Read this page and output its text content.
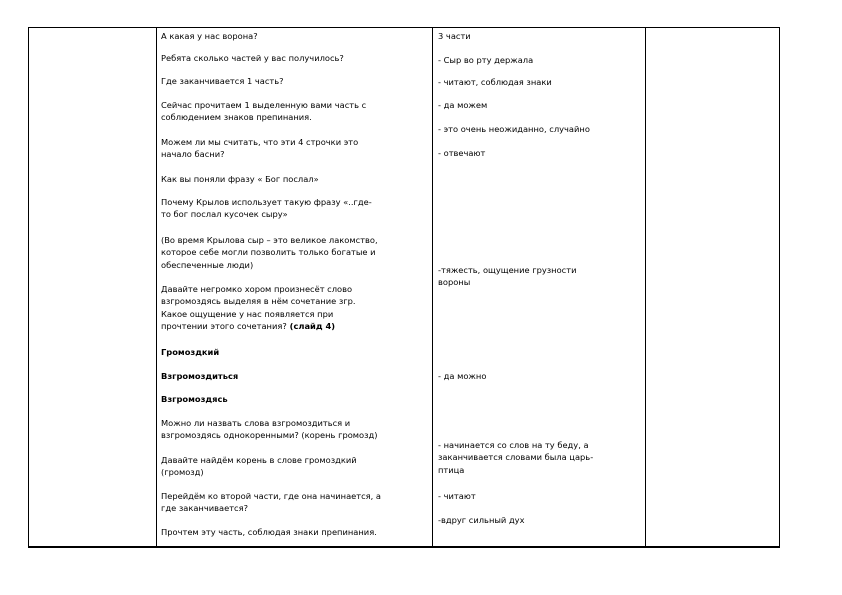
А какая у нас ворона?
Ребята сколько частей у вас получилось?
Где заканчивается 1 часть?
Сейчас прочитаем 1 выделенную вами часть с
соблюдением знаков препинания.
Можем ли мы считать, что эти 4 строчки это
начало басни?
Как вы поняли фразу « Бог послал»
Почему Крылов использует такую фразу «..где-
то бог послал кусочек сыру»
(Во время Крылова сыр – это великое лакомство,
которое себе могли позволить только богатые и
обеспеченные люди)
Давайте негромко хором произнесёт слово
взгромоздясь выделяя в нём сочетание згр.
Какое ощущение у нас появляется при
прочтении этого сочетания? (слайд 4)
Громоздкий
Взгромоздиться
Взгромоздясь
Можно ли назвать слова взгромоздиться и
взгромоздясь однокоренными? (корень громозд)
Давайте найдём корень в слове громоздкий
(громозд)
Перейдём ко второй части, где она начинается, а
где заканчивается?
Прочтем эту часть, соблюдая знаки препинания.

3 части
- Сыр во рту держала
- читают, соблюдая знаки
- да можем
- это очень неожиданно, случайно
- отвечают
-тяжесть, ощущение грузности
вороны
- да можно
- начинается со слов на ту беду, а
заканчивается словами была царь-
птица
- читают
-вдруг сильный дух
